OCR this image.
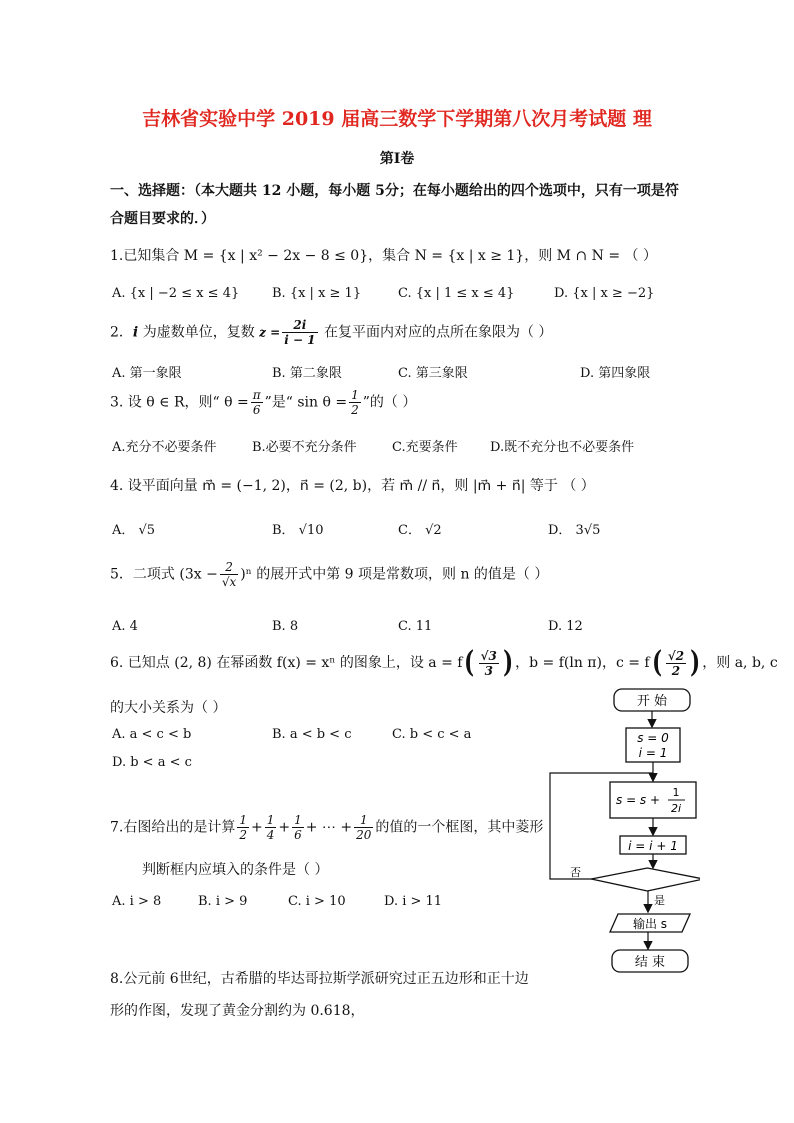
吉林省实验中学 2019 届高三数学下学期第八次月考试题 理
第Ⅰ卷
一、选择题：（本大题共 12 小题，每小题 5分；在每小题给出的四个选项中，只有一项是符
合题目要求的．）
1.已知集合 M = {x | x² − 2x − 8 ≤ 0}，集合 N = {x | x ≥ 1}，则 M ∩ N = （ ）
A. {x | −2 ≤ x ≤ 4}	B. {x | x ≥ 1}	C. {x | 1 ≤ x ≤ 4}	D. {x | x ≥ −2}
2．i 为虚数单位，复数 $z = \frac{2i}{i - 1}$ 在复平面内对应的点所在象限为（ ）
A. 第一象限	B. 第二象限	C. 第三象限	D. 第四象限
3. 设 θ ∈ R，则“ $\theta = \frac{\pi}{6}$ ”是“ $\sin \theta = \frac{1}{2}$ ”的（ ）
A.充分不必要条件	B.必要不充分条件	C.充要条件 D.既不充分也不必要条件
4. 设平面向量 m⃗ = (−1, 2)，n⃗ = (2, b)，若 m⃗ // n⃗，则 |m⃗ + n⃗| 等于 （ ）
A． √5	B． √10	C． √2	D． 3√5
5．二项式 $(3x - \frac{2}{√x} )^n$ 的展开式中第 9 项是常数项，则 n 的值是（ ）
A. 4	B. 8	C. 11	D. 12
6. 已知点 (2, 8) 在幂函数 f(x) = xⁿ 的图象上，设 $a = f( \frac{√3}{3}$ ) ，b = f(ln π)，$c = f( \frac{√2}{2}$ ) ，则 a, b, c
的大小关系为（ ）
A. a < c < b	B. a < b < c	C. b < c < a
D. b < a < c
7.右图给出的是计算 $\frac{1}{2} + \frac{1}{4} + \frac{1}{6}$ + ⋯ + $\frac{1}{20}$ 的值的一个框图，其中菱形
判断框内应填入的条件是（ ）
A. i > 8	B. i > 9	C. i > 10	D. i > 11
8.公元前 6世纪，古希腊的毕达哥拉斯学派研究过正五边形和正十边
形的作图，发现了黄金分割约为 0.618，
开 始
s = 0
i = 1
s = s +
1
2i
i = i + 1
否
是
输出 s
结 束
